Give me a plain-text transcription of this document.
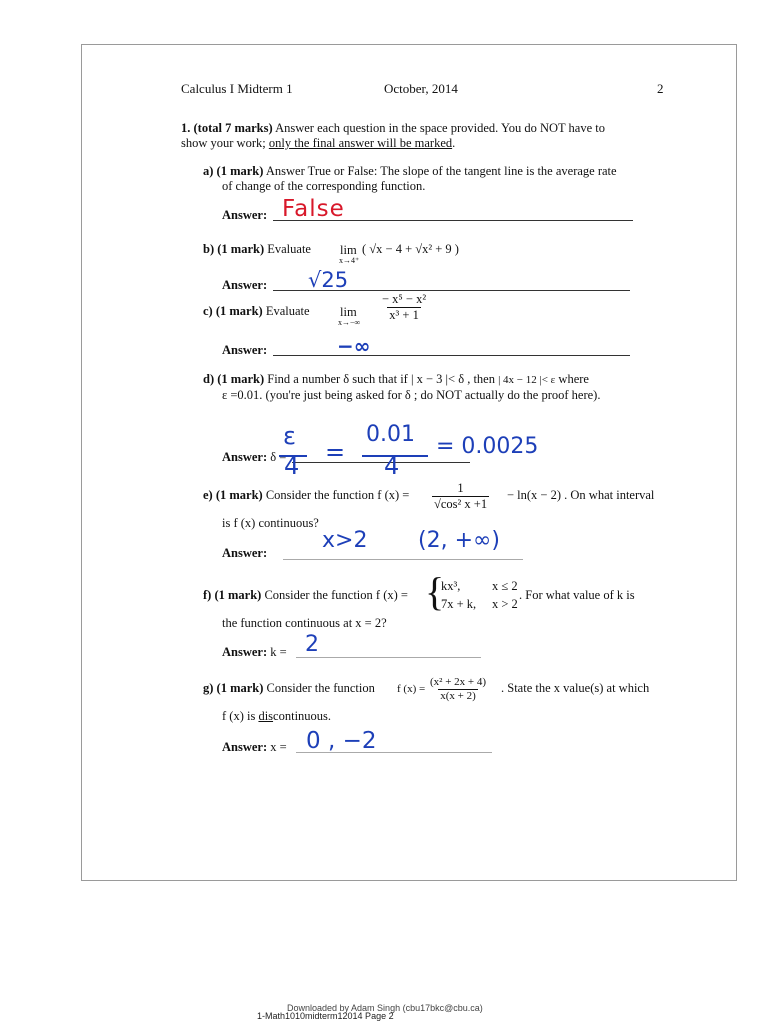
Calculus I Midterm 1	October, 2014	2
1. (total 7 marks) Answer each question in the space provided. You do NOT have to
show your work; only the final answer will be marked.
a) (1 mark) Answer True or False: The slope of the tangent line is the average rate
of change of the corresponding function.
Answer: False
b) (1 mark) Evaluate lim
x→4⁺
( √x − 4 + √x² + 9 )
Answer: √25
c) (1 mark) Evaluate lim
$x\to-\infty \frac{\text{− x⁵ − x²}}{\text{x³ + 1}}$
Answer:	−∞
d) (1 mark) Find a number δ such that if | x − 3 |< δ , then | 4x − 12 |< ε where
ε =0.01. (you're just being asked for δ ; do NOT actually do the proof here).
Answer: δ =
ε
4 =
0.01
4
= 0.0025
e) (1 mark) Consider the function f $(x) = \frac{1}{\text{√cos² x +1}} - \ln(x - 2)$ . On what interval
is f (x) continuous?
Answer: x>2 (2, +∞)
f) (1 mark) Consider the function f (x) = {
kx³,	x ≤ 2
7x + k, x > 2
. For what value of k is
the function continuous at x = 2?
Answer: k = 2
g) (1 mark) Consider the function f $(x) = \frac{\text{(x² + 2x + 4)}}{x(x + 2)}$ . State the x value(s) at which
f (x) is discontinuous.
Answer: x = 0 , −2
Downloaded by Adam Singh (cbu17bkc@cbu.ca)
1-Math1010midterm12014 Page 2
